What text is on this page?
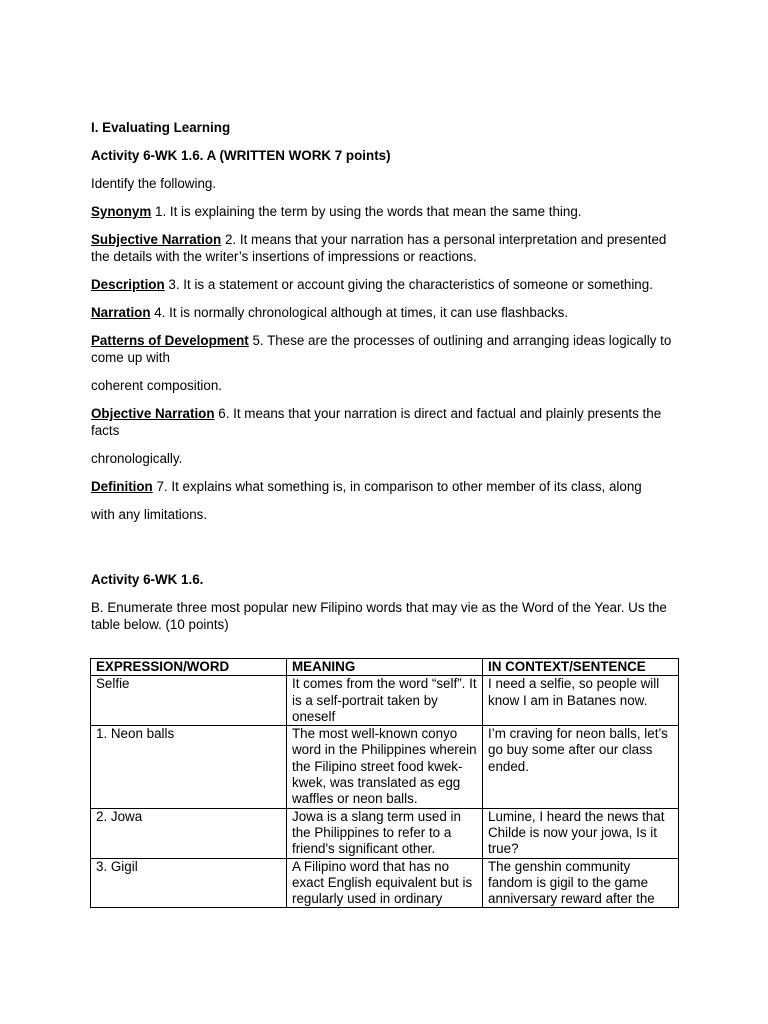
I. Evaluating Learning

Activity 6-WK 1.6. A (WRITTEN WORK 7 points)

Identify the following.

Synonym 1. It is explaining the term by using the words that mean the same thing.

Subjective Narration 2. It means that your narration has a personal interpretation and presented the details with the writer’s insertions of impressions or reactions.

Description 3. It is a statement or account giving the characteristics of someone or something.

Narration 4. It is normally chronological although at times, it can use flashbacks.

Patterns of Development 5. These are the processes of outlining and arranging ideas logically to come up with

coherent composition.

Objective Narration 6. It means that your narration is direct and factual and plainly presents the facts

chronologically.

Definition 7. It explains what something is, in comparison to other member of its class, along

with any limitations.

Activity 6-WK 1.6.

B. Enumerate three most popular new Filipino words that may vie as the Word of the Year. Us the table below. (10 points)

EXPRESSION/WORD	MEANING	IN CONTEXT/SENTENCE
Selfie	It comes from the word “self”. It is a self-portrait taken by oneself	I need a selfie, so people will know I am in Batanes now.
1. Neon balls	The most well-known conyo word in the Philippines wherein the Filipino street food kwek-kwek, was translated as egg waffles or neon balls.	I’m craving for neon balls, let’s go buy some after our class ended.
2. Jowa	Jowa is a slang term used in the Philippines to refer to a friend's significant other.	Lumine, I heard the news that Childe is now your jowa, Is it true?
3. Gigil	A Filipino word that has no exact English equivalent but is regularly used in ordinary	The genshin community fandom is gigil to the game anniversary reward after the
